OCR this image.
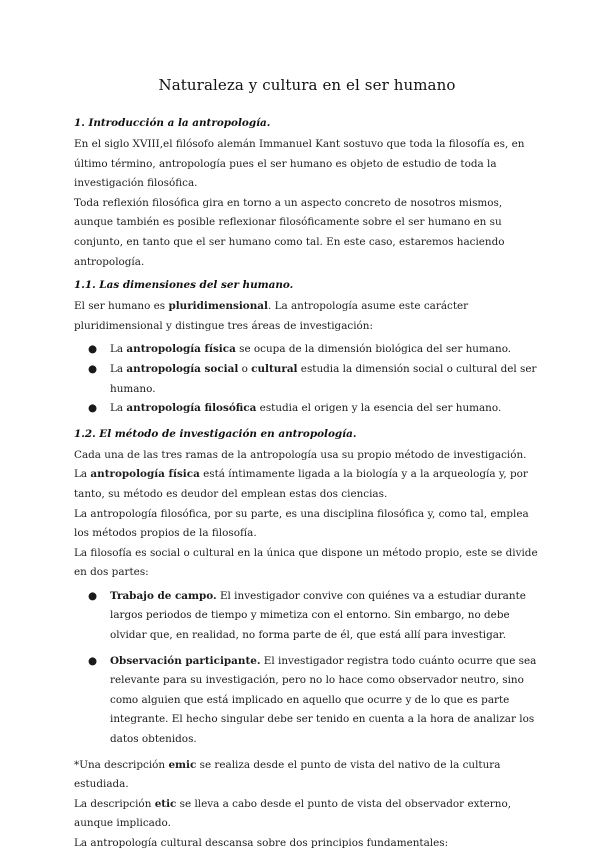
Naturaleza y cultura en el ser humano
1. Introducción a la antropología.

En el siglo XVIII,el filósofo alemán Immanuel Kant sostuvo que toda la filosofía es, en último término, antropología pues el ser humano es objeto de estudio de toda la investigación filosófica.

Toda reflexión filosófica gira en torno a un aspecto concreto de nosotros mismos, aunque también es posible reflexionar filosóficamente sobre el ser humano en su conjunto, en tanto que el ser humano como tal. En este caso, estaremos haciendo antropología.

1.1. Las dimensiones del ser humano.

El ser humano es pluridimensional. La antropología asume este carácter pluridimensional y distingue tres áreas de investigación:

● La antropología física se ocupa de la dimensión biológica del ser humano.
● La antropología social o cultural estudia la dimensión social o cultural del ser humano.
● La antropología filosófica estudia el origen y la esencia del ser humano.
1.2. El método de investigación en antropología.

Cada una de las tres ramas de la antropología usa su propio método de investigación.

La antropología física está íntimamente ligada a la biología y a la arqueología y, por tanto, su método es deudor del emplean estas dos ciencias.

La antropología filosófica, por su parte, es una disciplina filosófica y, como tal, emplea los métodos propios de la filosofía.

La filosofía es social o cultural en la única que dispone un método propio, este se divide en dos partes:

● Trabajo de campo. El investigador convive con quiénes va a estudiar durante largos periodos de tiempo y mimetiza con el entorno. Sin embargo, no debe olvidar que, en realidad, no forma parte de él, que está allí para investigar.
● Observación participante. El investigador registra todo cuánto ocurre que sea relevante para su investigación, pero no lo hace como observador neutro, sino como alguien que está implicado en aquello que ocurre y de lo que es parte integrante. El hecho singular debe ser tenido en cuenta a la hora de analizar los datos obtenidos.

*Una descripción emic se realiza desde el punto de vista del nativo de la cultura estudiada.

La descripción etic se lleva a cabo desde el punto de vista del observador externo, aunque implicado.

La antropología cultural descansa sobre dos principios fundamentales:
